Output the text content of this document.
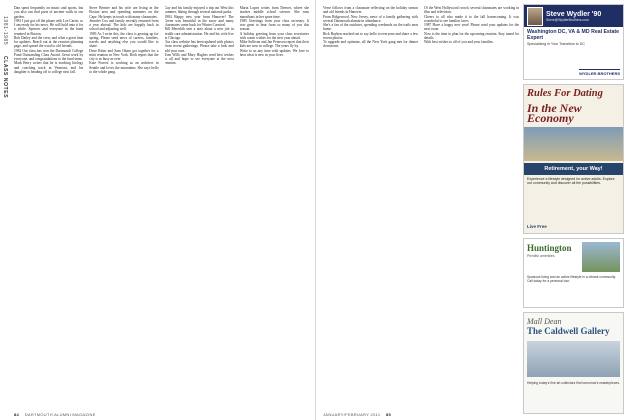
1981-1985
CLASS NOTES

Dan spent frequently on music and sports, but you also can find parts of ancient walls in our garden.

1981 I just got off the phone with Lee Carter, so I am ready for his news. He will hold onto it for a while. Spencer and everyone in the band reunited in Boston.

Rob Dailey and the crew, and what a great time for updates. Reach out at the reunion planning page, and spread the word to old friends.

1982 Our class has won the Dartmouth College Fund Outstanding Class Award. Great work by everyone, and congratulations to the fund team.

Mark Berry writes that he is teaching biology and coaching track in Vermont, and his daughter is heading off to college next fall.

Steve Bernier and his wife are living in the Boston area and spending summers on the Cape. He keeps in touch with many classmates.

Jennifer Cox and family recently returned from a year abroad. The kids are happily back in school and adjusting well.

1983 As I write this, the class is gearing up for spring. Please send news of careers, families, travels and anything else you would like to share.

Dave Ritter and Sam Ohara got together for a mini reunion in New York. Both report that the city is as busy as ever.

Kate Forrest is working as an architect in Seattle and loves the mountains. She says hello to the whole gang.

Gay and his family enjoyed a trip out West this summer, hiking through several national parks.

1984 Happy new year from Hanover! The Green was beautiful in the snow and many classmates came back for Winter Carnival.

Bill Meredith sent a note about a new job in health care administration. He and his wife live in Chicago.

Our class website has been updated with photos from recent gatherings. Please take a look and add your own.

Tom Wills and Mary Hughes send best wishes to all and hope to see everyone at the next reunion.

Maria Lopez writes from Denver, where she teaches middle school science. She runs marathons in her spare time.

1985 Greetings from your class secretary. It was great to hear from so many of you this season.

A holiday greeting from your class secretaries with warm wishes for the new year ahead.

Mike Sullivan and Jan Peterson report that their kids are now in college. The years fly by.

Write to us any time with updates. We love to hear what is new in your lives.

84 DARTMOUTH ALUMNI MAGAZINE

Verse follows from a classmate reflecting on the holiday season and old friends in Hanover.

From Ridgewood, New Jersey, news of a family gathering with several Dartmouth alumni in attendance.

She's a fan of the outdoors, spending weekends on the trails near home.

Rick Bayken reached out to say hello to everyone and share a few recent photos.

To upgrade and optimize, all the New York gang met for dinner downtown.

Of the West Hollywood crowd, several classmates are working in film and television.

Cheers to all who made it to the fall homecoming. It was wonderful to see familiar faces.

1987 Have a happy new year! Please send your updates for the next issue.

Now is the time to plan for the upcoming reunion. Stay tuned for details.

With best wishes to all of you and your families.

Steve Wydler '90
Steve@WydlerBrothers.com
Washington DC, VA & MD Real Estate Expert
Specializing in Your Transition to DC
WYDLER BROTHERS
Rules For Dating
In the New Economy
Retirement, your Way!
Experience a lifestyle designed for active adults. Explore our community and discover all the possibilities.
Live Free
Huntington
Plentiful amenities
Spacious living and an active lifestyle in a vibrant community. Call today for a personal tour.
Mall Dean
The Caldwell Gallery
Helping today's fine art collectors find tomorrow's masterpieces.
JANUARY/FEBRUARY 2011 85
